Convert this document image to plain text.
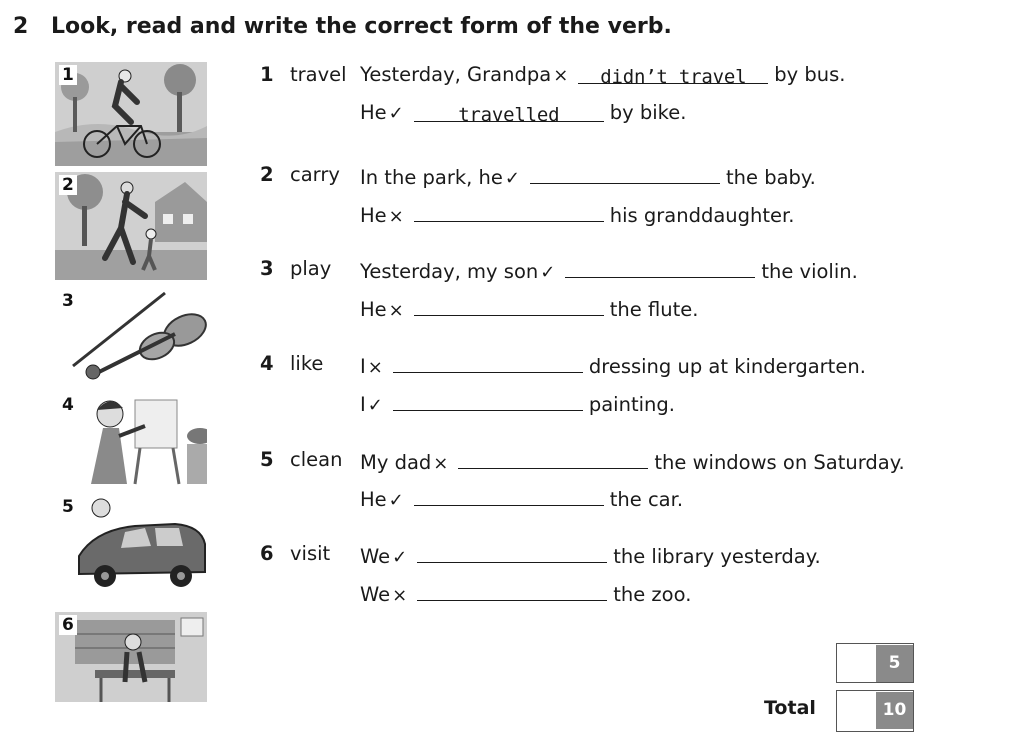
2 Look, read and write the correct form of the verb.
1
2
3
4
5
6
1 travel Yesterday, Grandpa × didn’t travel by bus.
He ✓	travelled	by bike.
2 carry In the park, he ✓	the baby.
He ×	his granddaughter.
3 play Yesterday, my son ✓	the violin.
He ×	the flute.
4 like I ×	dressing up at kindergarten.
I ✓	painting.
5 clean My dad ×	the windows on Saturday.
He ✓	the car.
6 visit We ✓	the library yesterday.
We ×	the zoo.
5
Total	10
